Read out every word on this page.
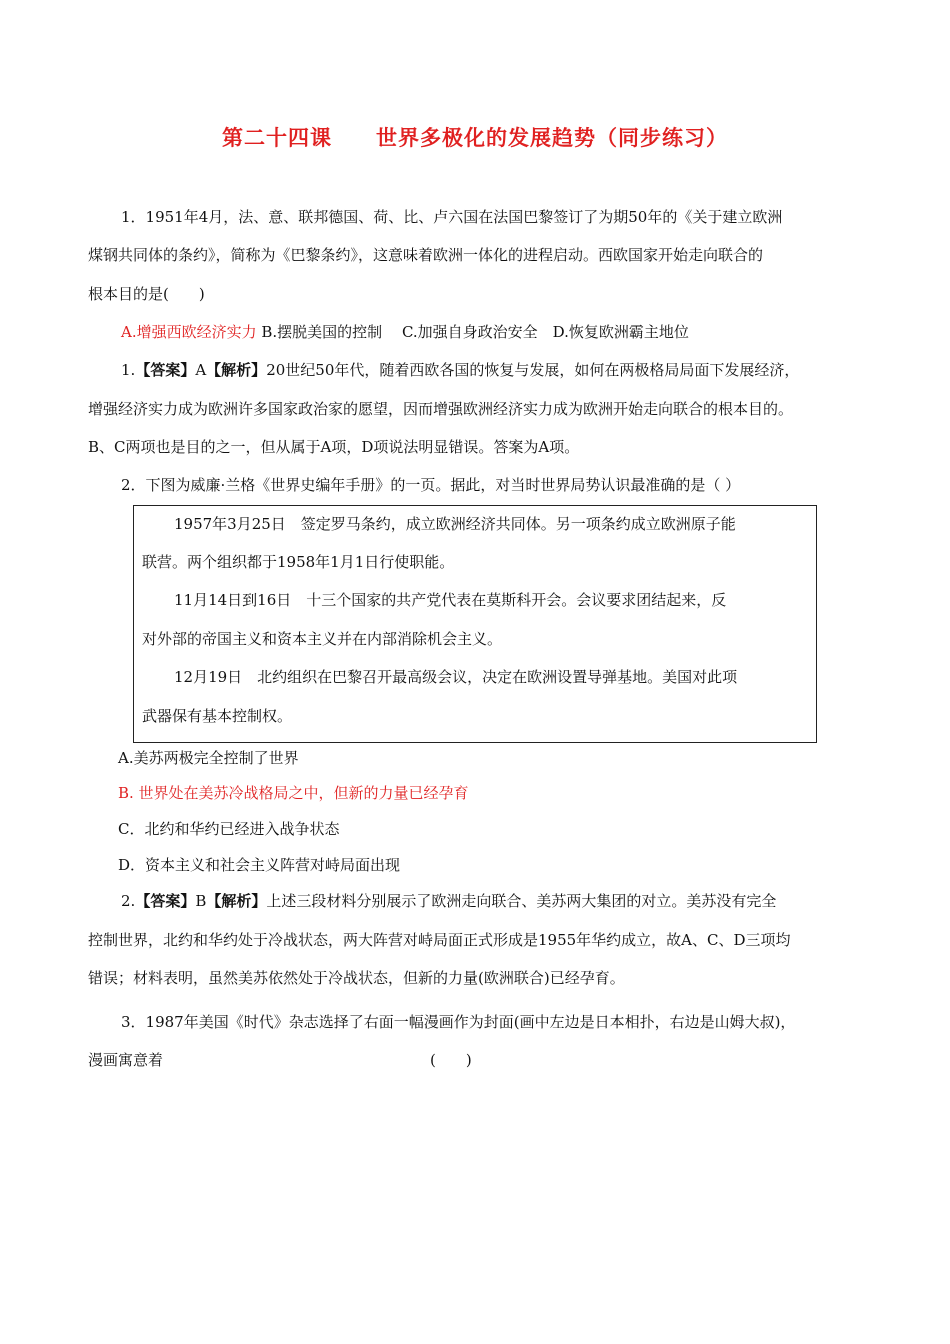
第二十四课　　世界多极化的发展趋势（同步练习）
1．1951年4月，法、意、联邦德国、荷、比、卢六国在法国巴黎签订了为期50年的《关于建立欧洲
煤钢共同体的条约》，简称为《巴黎条约》，这意味着欧洲一体化的进程启动。西欧国家开始走向联合的
根本目的是(　　)
A.增强西欧经济实力 B.摆脱美国的控制　 C.加强自身政治安全　D.恢复欧洲霸主地位
1.【答案】A【解析】20世纪50年代，随着西欧各国的恢复与发展，如何在两极格局局面下发展经济，
增强经济实力成为欧洲许多国家政治家的愿望，因而增强欧洲经济实力成为欧洲开始走向联合的根本目的。
B、C两项也是目的之一，但从属于A项，D项说法明显错误。答案为A项。
2．下图为威廉·兰格《世界史编年手册》的一页。据此，对当时世界局势认识最准确的是（ ）
1957年3月25日　签定罗马条约，成立欧洲经济共同体。另一项条约成立欧洲原子能
联营。两个组织都于1958年1月1日行使职能。
11月14日到16日　十三个国家的共产党代表在莫斯科开会。会议要求团结起来，反
对外部的帝国主义和资本主义并在内部消除机会主义。
12月19日　北约组织在巴黎召开最高级会议，决定在欧洲设置导弹基地。美国对此项
武器保有基本控制权。
A.美苏两极完全控制了世界
B. 世界处在美苏冷战格局之中，但新的力量已经孕育
C．北约和华约已经进入战争状态
D．资本主义和社会主义阵营对峙局面出现
2.【答案】B【解析】上述三段材料分别展示了欧洲走向联合、美苏两大集团的对立。美苏没有完全
控制世界，北约和华约处于冷战状态，两大阵营对峙局面正式形成是1955年华约成立，故A、C、D三项均
错误；材料表明，虽然美苏依然处于冷战状态，但新的力量(欧洲联合)已经孕育。
3．1987年美国《时代》杂志选择了右面一幅漫画作为封面(画中左边是日本相扑，右边是山姆大叔)，
漫画寓意着	(　　)
